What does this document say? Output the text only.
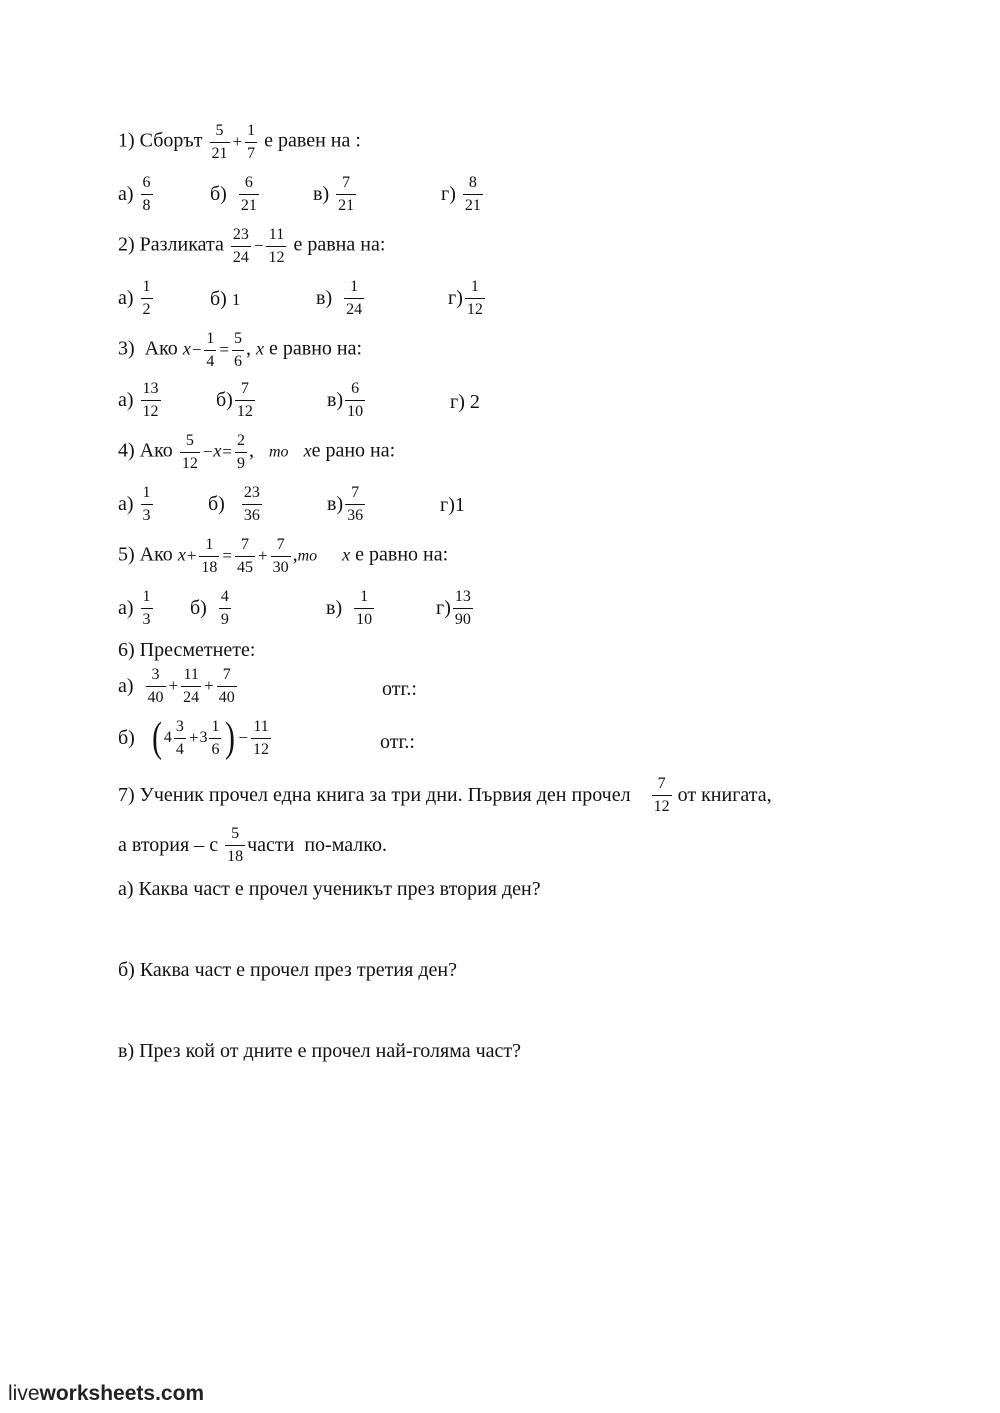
1) Сборът $\frac{5}{21} + \frac{1}{7}$ е равен на :
а)
$\frac{6}{8}$	б)
$\frac{6}{21}$	в)
$\frac{7}{21}$	г)
$\frac{8}{21}$
2) Разликата $\frac{23}{24} - \frac{11}{12}$ е равна на:
а)
$\frac{1}{2}$	б)
1	в)
$\frac{1}{24}$	$г) \frac{1}{12}$
3)  Ако $x- \frac{1}{4} = \frac{5}{6}$ , x е равно на:
а)
$\frac{13}{12}$	$б) \frac{7}{12}$	$в) \frac{6}{10}$	г)
2
4) Ако $\frac{5}{12} -x= \frac{2}{9}$ , то xе рано на:
а)
$\frac{1}{3}$	б)
$\frac{23}{36}$	$в) \frac{7}{36}$	г)1
5) Ако $x+ \frac{1}{18} = \frac{7}{45} + \frac{7}{30} ,то$ x е равно на:
а)
$\frac{1}{3} б$)
$\frac{4}{9}$	в)
$\frac{1}{10}$	$г) \frac{13}{90}$
6) Пресметнете:
а)
$\frac{3}{40} + \frac{11}{24} + \frac{7}{40}$	отг.:
б)
( $4 \frac{3}{4} + 3 \frac{1}{6}$ ) − $\frac{11}{12}$	отг.:
7) Ученик прочел една книга за три дни. Първия ден прочел
$\frac{7}{12}$ от книгата,
а втория – с
$\frac{5}{18}$ части  по-малко.
а) Каква част е прочел ученикът през втория ден?
б) Каква част е прочел през третия ден?
в) През кой от дните е прочел най-голяма част?
liveworksheets.com
